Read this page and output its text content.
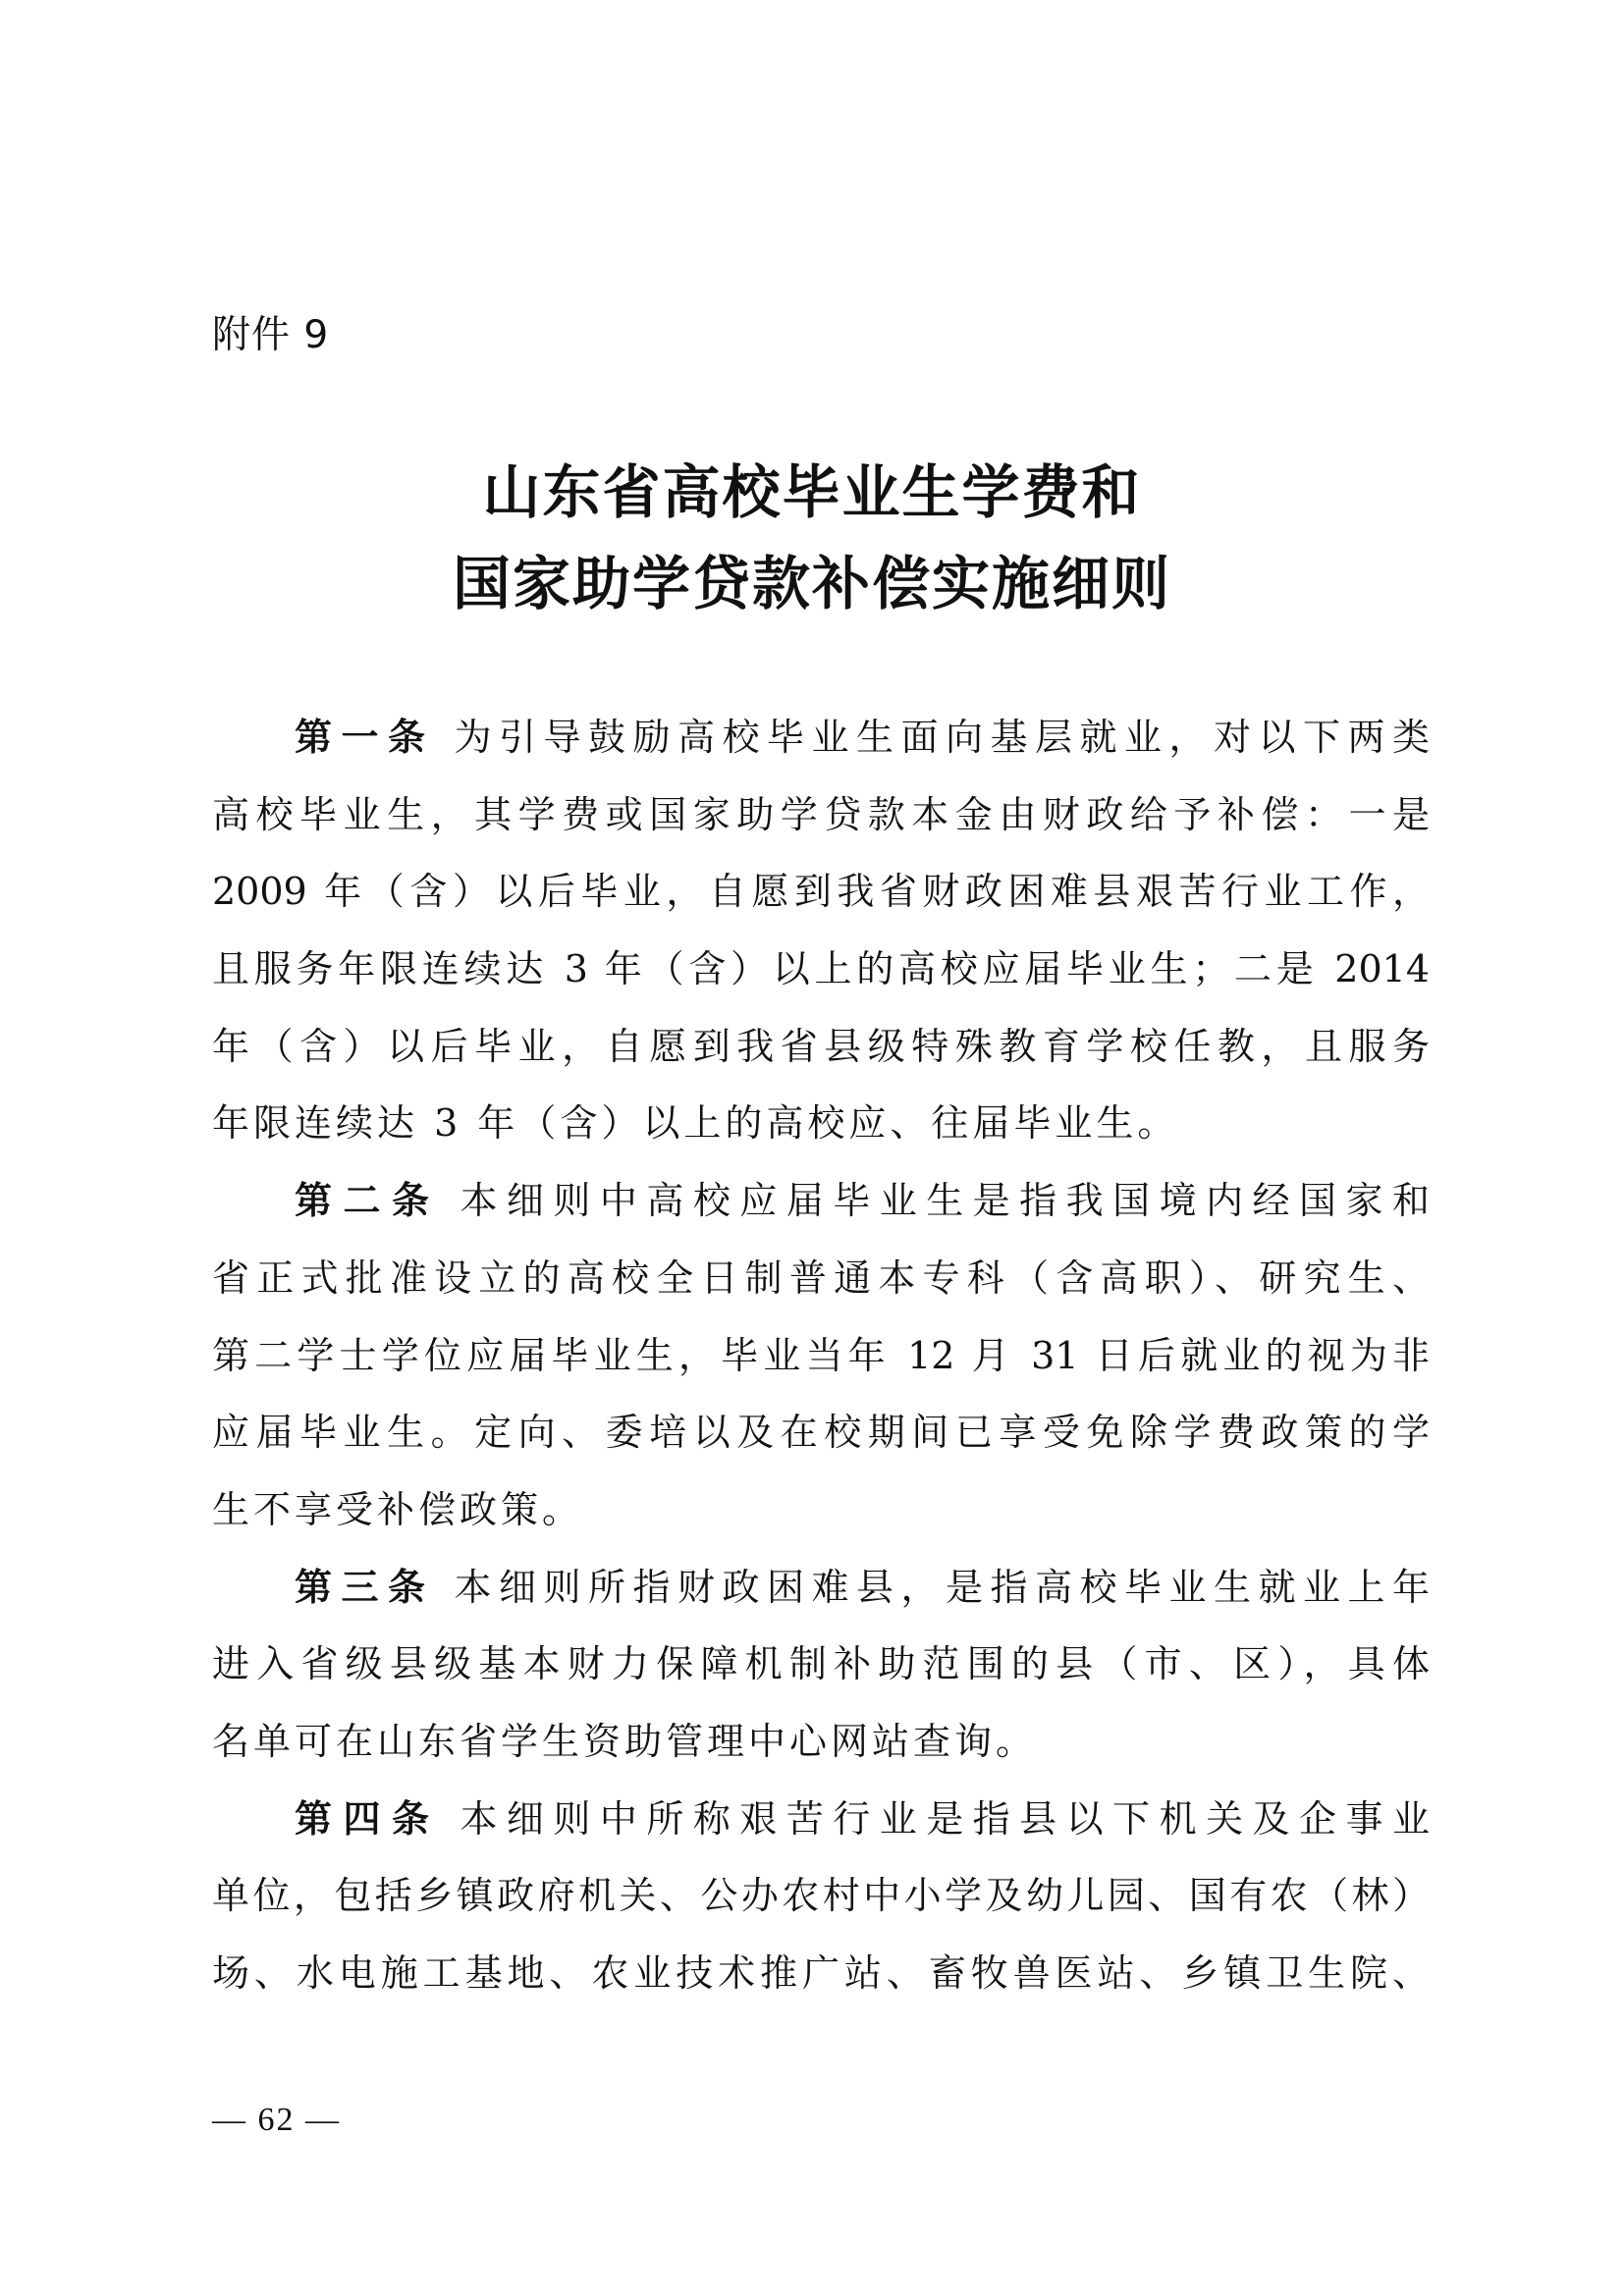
附件 9
山东省高校毕业生学费和
国家助学贷款补偿实施细则
第一条 为引导鼓励高校毕业生面向基层就业，对以下两类
高校毕业生，其学费或国家助学贷款本金由财政给予补偿：一是
2009 年（含）以后毕业，自愿到我省财政困难县艰苦行业工作，
且服务年限连续达 3 年（含）以上的高校应届毕业生；二是 2014
年（含）以后毕业，自愿到我省县级特殊教育学校任教，且服务
年限连续达 3 年（含）以上的高校应、往届毕业生。
第二条 本细则中高校应届毕业生是指我国境内经国家和
省正式批准设立的高校全日制普通本专科（含高职）、研究生、
第二学士学位应届毕业生，毕业当年 12 月 31 日后就业的视为非
应届毕业生。定向、委培以及在校期间已享受免除学费政策的学
生不享受补偿政策。
第三条 本细则所指财政困难县，是指高校毕业生就业上年
进入省级县级基本财力保障机制补助范围的县（市、区），具体
名单可在山东省学生资助管理中心网站查询。
第四条 本细则中所称艰苦行业是指县以下机关及企事业
单位，包括乡镇政府机关、公办农村中小学及幼儿园、国有农（林）
场、水电施工基地、农业技术推广站、畜牧兽医站、乡镇卫生院、
— 62 —
